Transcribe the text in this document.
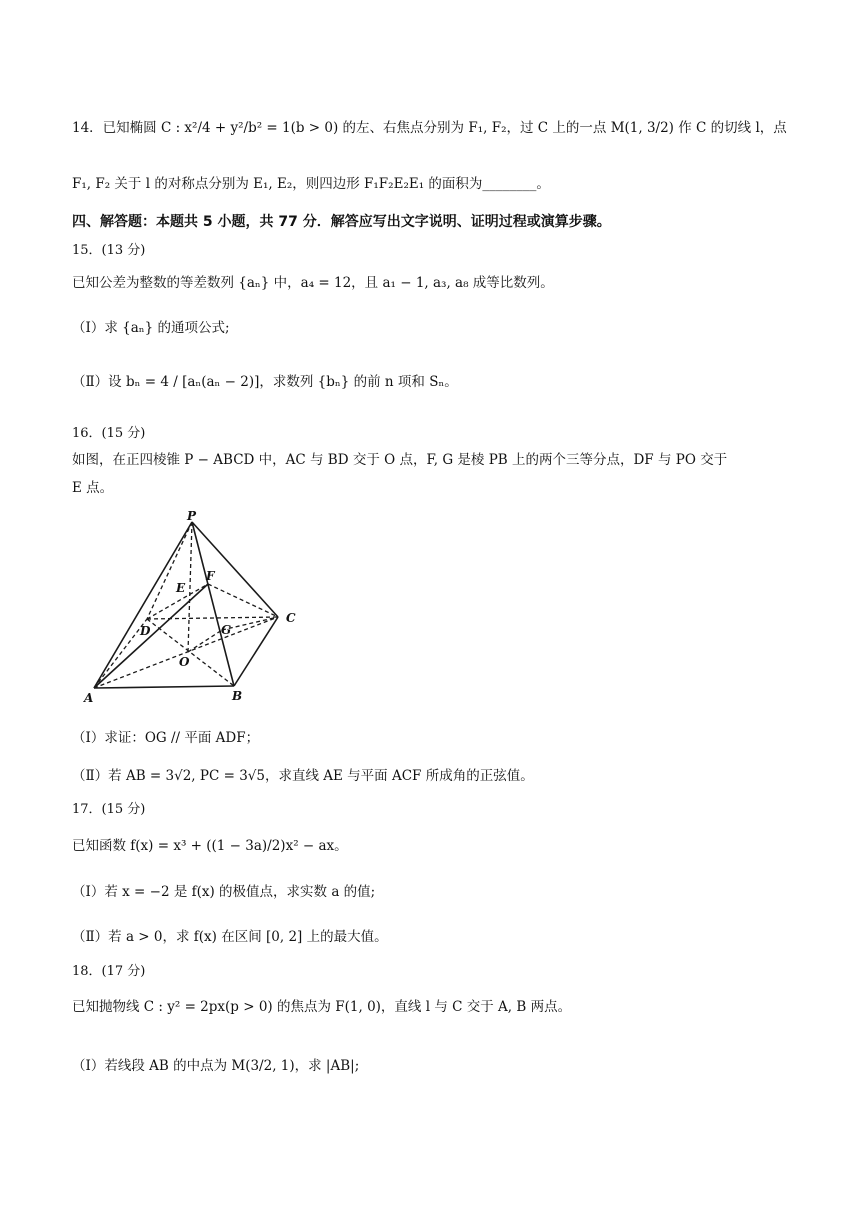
14．已知椭圆 C : x²/4 + y²/b² = 1(b > 0) 的左、右焦点分别为 F₁, F₂，过 C 上的一点 M(1, 3/2) 作 C 的切线 l，点
F₁, F₂ 关于 l 的对称点分别为 E₁, E₂，则四边形 F₁F₂E₂E₁ 的面积为________。
四、解答题：本题共 5 小题，共 77 分．解答应写出文字说明、证明过程或演算步骤。
15．(13 分)
已知公差为整数的等差数列 {aₙ} 中，a₄ = 12，且 a₁ − 1, a₃, a₈ 成等比数列。
（Ⅰ）求 {aₙ} 的通项公式;
（Ⅱ）设 bₙ = 4 / [aₙ(aₙ − 2)]，求数列 {bₙ} 的前 n 项和 Sₙ。
16．(15 分)
如图，在正四棱锥 P − ABCD 中，AC 与 BD 交于 O 点，F, G 是棱 PB 上的两个三等分点，DF 与 PO 交于
E 点。
P
A	B
C
D
E
F
G
O
（Ⅰ）求证：OG // 平面 ADF；
（Ⅱ）若 AB = 3√2, PC = 3√5，求直线 AE 与平面 ACF 所成角的正弦值。
17．(15 分)
已知函数 f(x) = x³ + ((1 − 3a)/2)x² − ax。
（Ⅰ）若 x = −2 是 f(x) 的极值点，求实数 a 的值;
（Ⅱ）若 a > 0，求 f(x) 在区间 [0, 2] 上的最大值。
18．(17 分)
已知抛物线 C : y² = 2px(p > 0) 的焦点为 F(1, 0)，直线 l 与 C 交于 A, B 两点。
（Ⅰ）若线段 AB 的中点为 M(3/2, 1)，求 |AB|;
